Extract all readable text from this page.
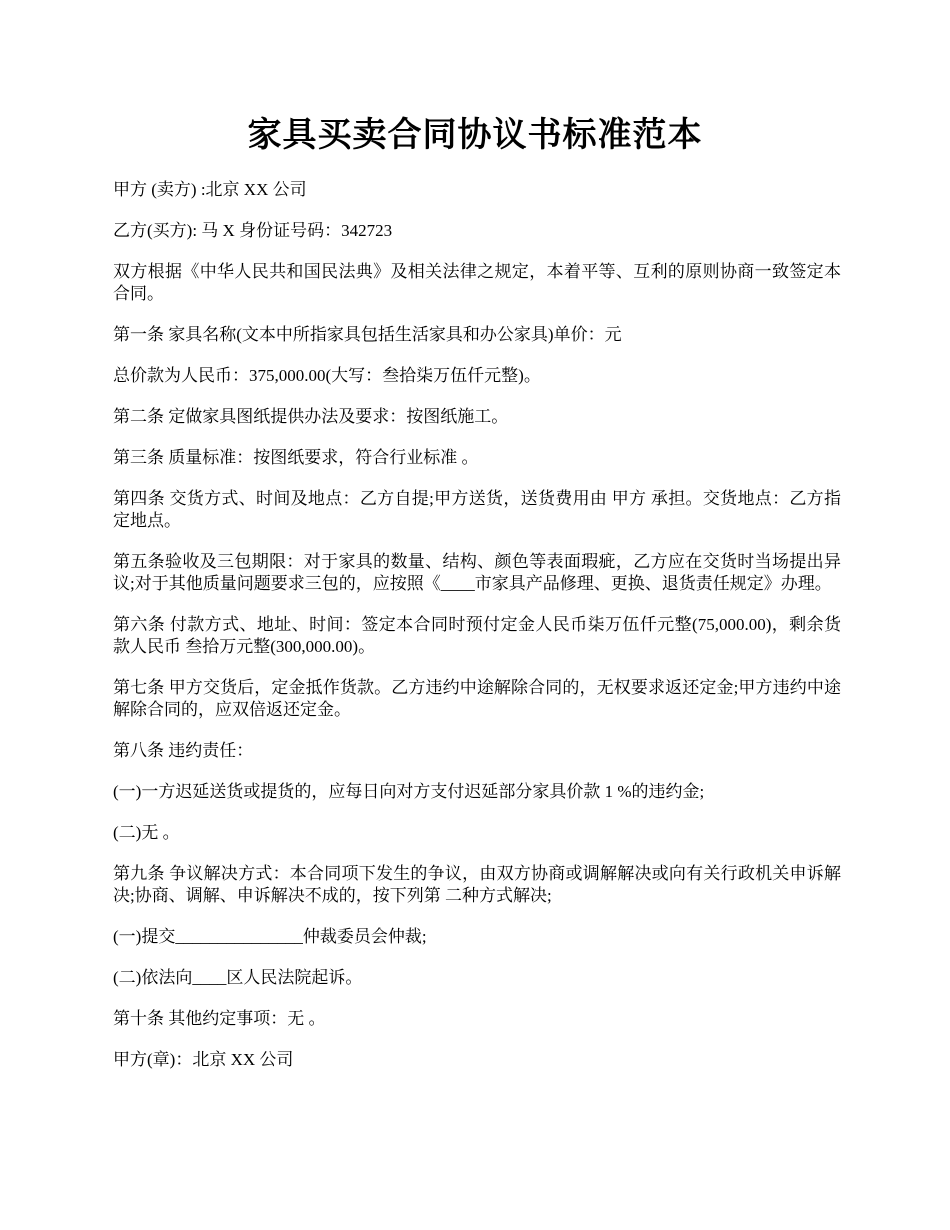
家具买卖合同协议书标准范本

甲方 (卖方) :北京 XX 公司

乙方(买方): 马 X 身份证号码：342723

双方根据《中华人民共和国民法典》及相关法律之规定，本着平等、互利的原则协商一致签定本合同。

第一条 家具名称(文本中所指家具包括生活家具和办公家具)单价：元

总价款为人民币：375,000.00(大写：叁拾柒万伍仟元整)。

第二条 定做家具图纸提供办法及要求：按图纸施工。

第三条 质量标准：按图纸要求，符合行业标准 。

第四条 交货方式、时间及地点：乙方自提;甲方送货，送货费用由 甲方 承担。交货地点：乙方指定地点。

第五条验收及三包期限：对于家具的数量、结构、颜色等表面瑕疵，乙方应在交货时当场提出异议;对于其他质量问题要求三包的，应按照《____市家具产品修理、更换、退货责任规定》办理。

第六条 付款方式、地址、时间：签定本合同时预付定金人民币柒万伍仟元整(75,000.00)，剩余货款人民币 叁拾万元整(300,000.00)。

第七条 甲方交货后，定金抵作货款。乙方违约中途解除合同的，无权要求返还定金;甲方违约中途解除合同的，应双倍返还定金。

第八条 违约责任：

(一)一方迟延送货或提货的，应每日向对方支付迟延部分家具价款 1 %的违约金;

(二)无 。

第九条 争议解决方式：本合同项下发生的争议，由双方协商或调解解决或向有关行政机关申诉解决;协商、调解、申诉解决不成的，按下列第 二种方式解决;

(一)提交_______________仲裁委员会仲裁;

(二)依法向____区人民法院起诉。

第十条 其他约定事项：无 。

甲方(章)：北京 XX 公司
